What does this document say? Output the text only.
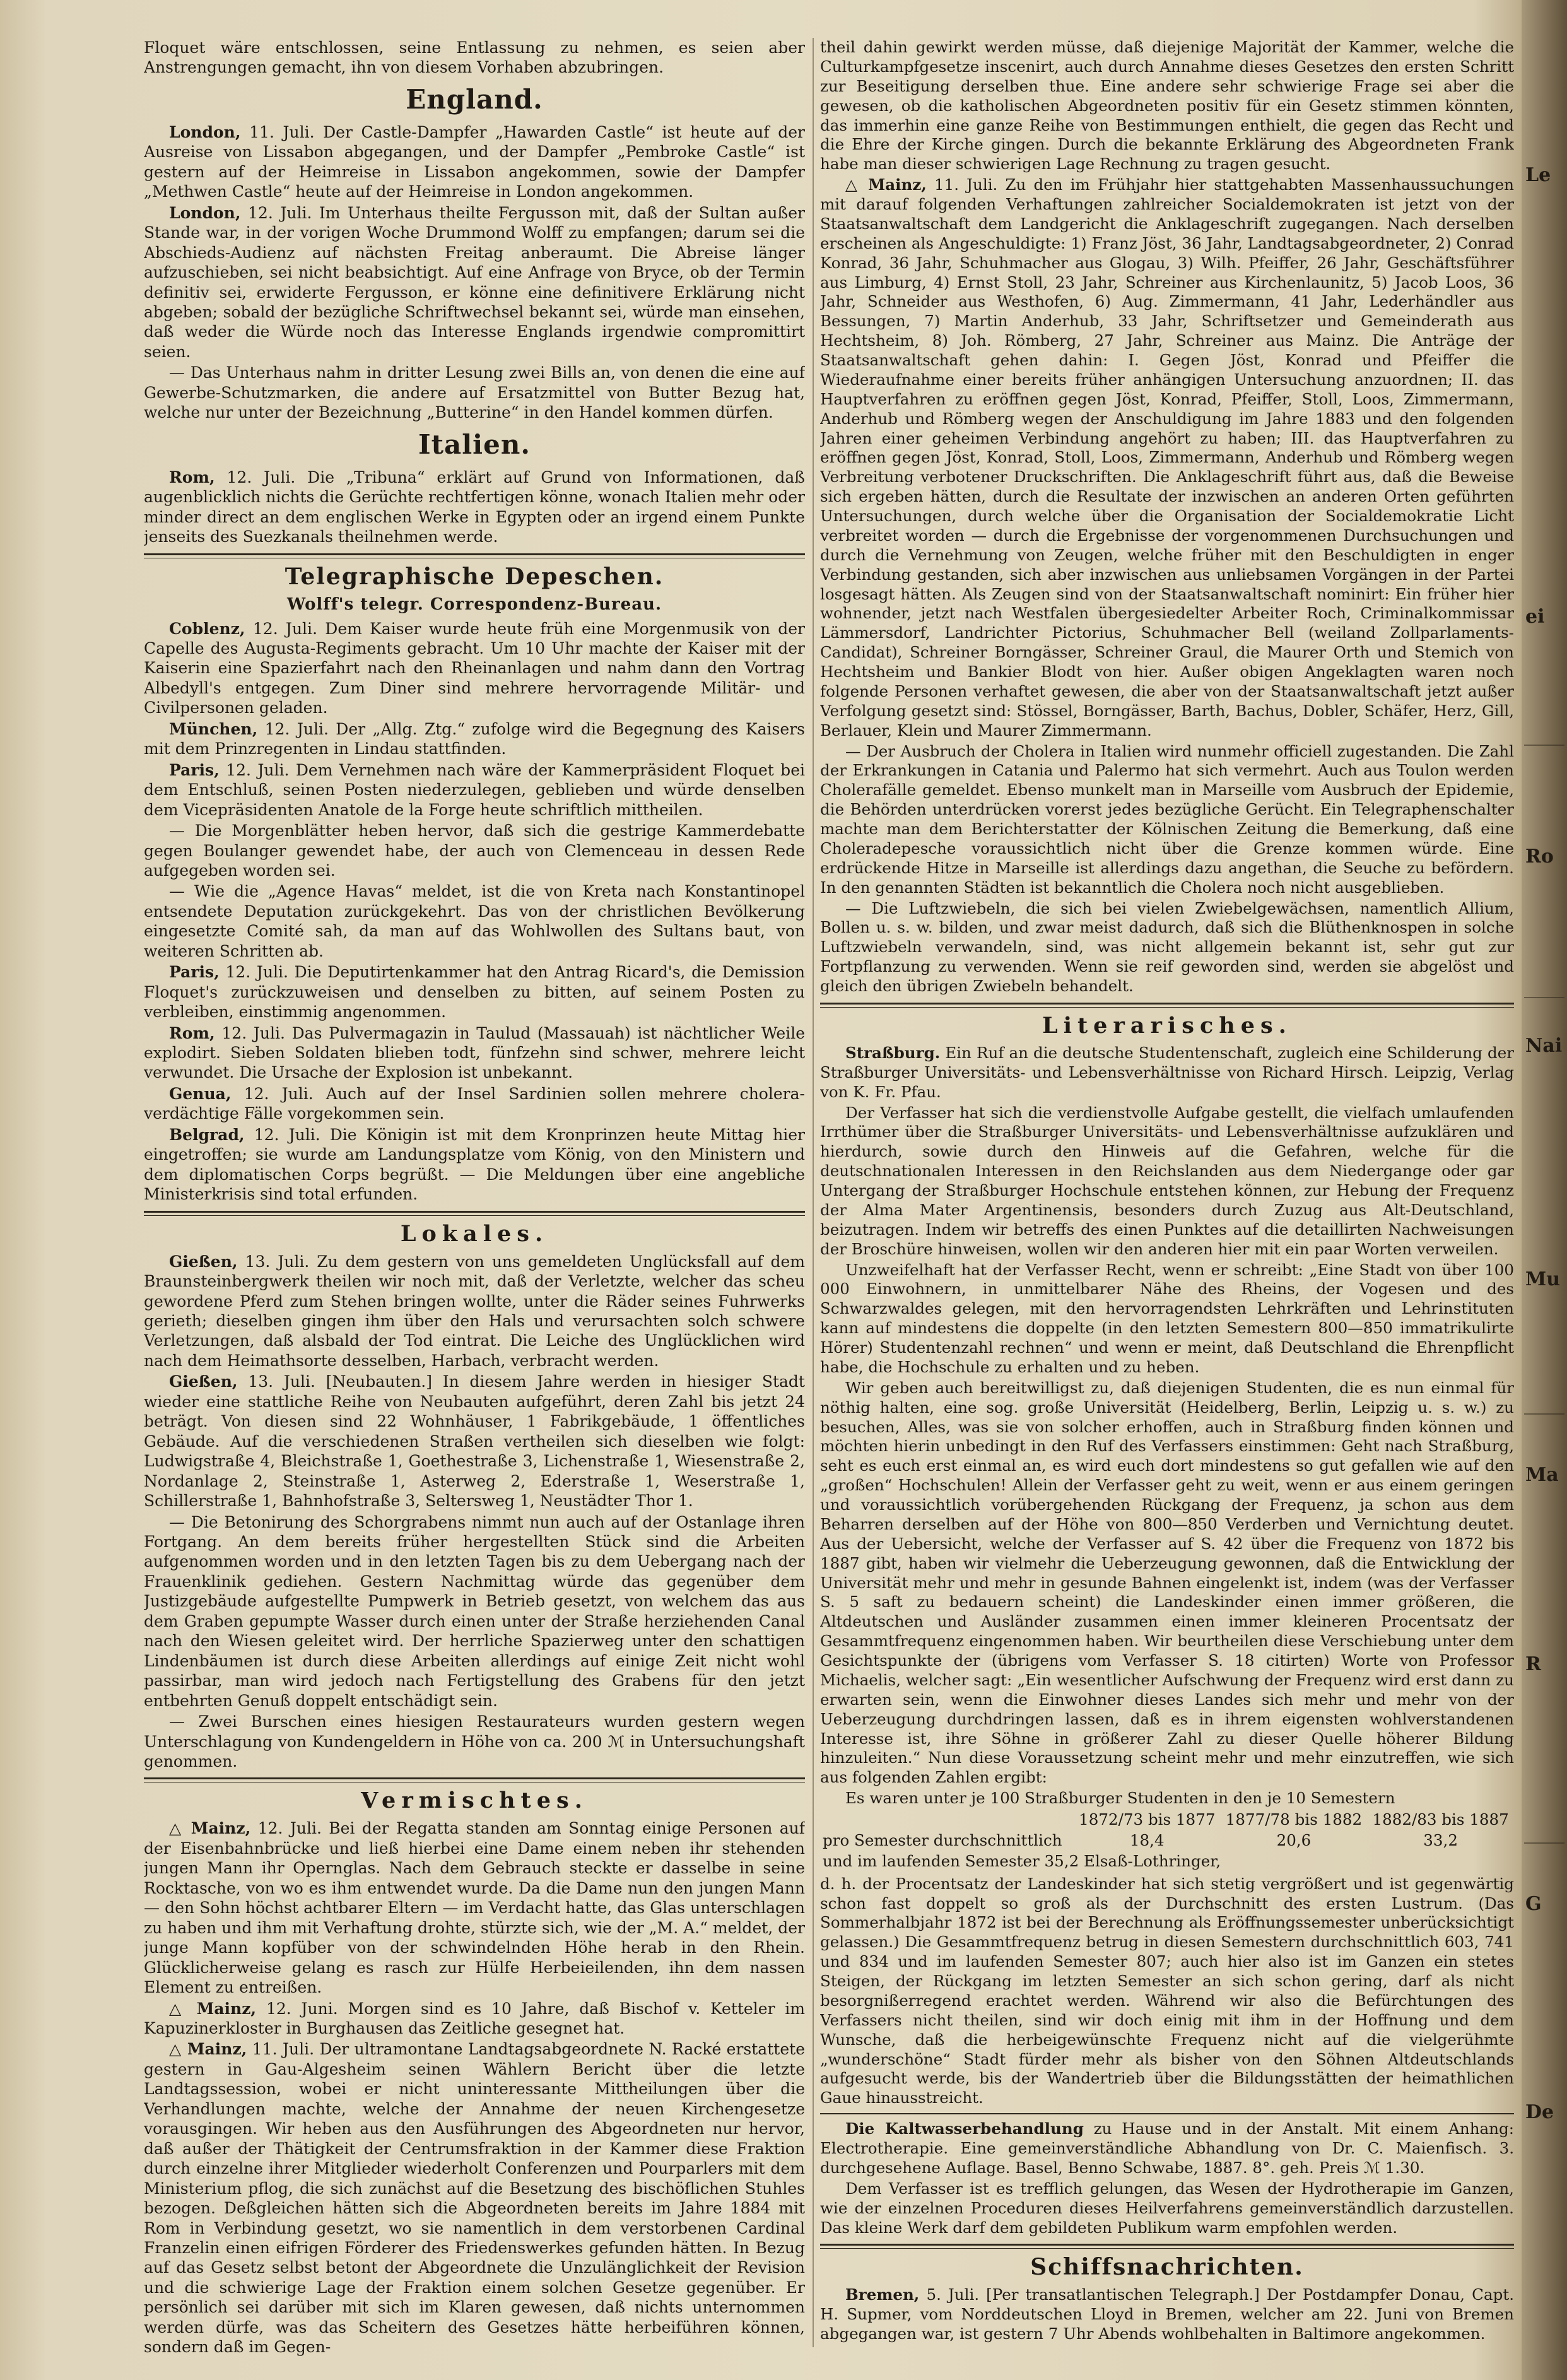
Floquet wäre entschlossen, seine Entlassung zu nehmen, es seien aber Anstrengungen gemacht, ihn von diesem Vorhaben abzubringen.

England.

London, 11. Juli. Der Castle-Dampfer „Hawarden Castle“ ist heute auf der Ausreise von Lissabon abgegangen, und der Dampfer „Pembroke Castle“ ist gestern auf der Heimreise in Lissabon angekommen, sowie der Dampfer „Methwen Castle“ heute auf der Heimreise in London angekommen.

London, 12. Juli. Im Unterhaus theilte Fergusson mit, daß der Sultan außer Stande war, in der vorigen Woche Drummond Wolff zu empfangen; darum sei die Abschieds-Audienz auf nächsten Freitag anberaumt. Die Abreise länger aufzuschieben, sei nicht beabsichtigt. Auf eine Anfrage von Bryce, ob der Termin definitiv sei, erwiderte Fergusson, er könne eine definitivere Erklärung nicht abgeben; sobald der bezügliche Schriftwechsel bekannt sei, würde man einsehen, daß weder die Würde noch das Interesse Englands irgendwie compromittirt seien.

— Das Unterhaus nahm in dritter Lesung zwei Bills an, von denen die eine auf Gewerbe-Schutzmarken, die andere auf Ersatzmittel von Butter Bezug hat, welche nur unter der Bezeichnung „Butterine“ in den Handel kommen dürfen.

Italien.

Rom, 12. Juli. Die „Tribuna“ erklärt auf Grund von Informationen, daß augenblicklich nichts die Gerüchte rechtfertigen könne, wonach Italien mehr oder minder direct an dem englischen Werke in Egypten oder an irgend einem Punkte jenseits des Suezkanals theilnehmen werde.

Telegraphische Depeschen.
Wolff's telegr. Correspondenz-Bureau.

Coblenz, 12. Juli. Dem Kaiser wurde heute früh eine Morgenmusik von der Capelle des Augusta-Regiments gebracht. Um 10 Uhr machte der Kaiser mit der Kaiserin eine Spazierfahrt nach den Rheinanlagen und nahm dann den Vortrag Albedyll's entgegen. Zum Diner sind mehrere hervorragende Militär- und Civilpersonen geladen.

München, 12. Juli. Der „Allg. Ztg.“ zufolge wird die Begegnung des Kaisers mit dem Prinzregenten in Lindau stattfinden.

Paris, 12. Juli. Dem Vernehmen nach wäre der Kammerpräsident Floquet bei dem Entschluß, seinen Posten niederzulegen, geblieben und würde denselben dem Vicepräsidenten Anatole de la Forge heute schriftlich mittheilen.

— Die Morgenblätter heben hervor, daß sich die gestrige Kammerdebatte gegen Boulanger gewendet habe, der auch von Clemenceau in dessen Rede aufgegeben worden sei.

— Wie die „Agence Havas“ meldet, ist die von Kreta nach Konstantinopel entsendete Deputation zurückgekehrt. Das von der christlichen Bevölkerung eingesetzte Comité sah, da man auf das Wohlwollen des Sultans baut, von weiteren Schritten ab.

Paris, 12. Juli. Die Deputirtenkammer hat den Antrag Ricard's, die Demission Floquet's zurückzuweisen und denselben zu bitten, auf seinem Posten zu verbleiben, einstimmig angenommen.

Rom, 12. Juli. Das Pulvermagazin in Taulud (Massauah) ist nächtlicher Weile explodirt. Sieben Soldaten blieben todt, fünfzehn sind schwer, mehrere leicht verwundet. Die Ursache der Explosion ist unbekannt.

Genua, 12. Juli. Auch auf der Insel Sardinien sollen mehrere cholera-verdächtige Fälle vorgekommen sein.

Belgrad, 12. Juli. Die Königin ist mit dem Kronprinzen heute Mittag hier eingetroffen; sie wurde am Landungsplatze vom König, von den Ministern und dem diplomatischen Corps begrüßt. — Die Meldungen über eine angebliche Ministerkrisis sind total erfunden.

Lokales.

Gießen, 13. Juli. Zu dem gestern von uns gemeldeten Unglücksfall auf dem Braunsteinbergwerk theilen wir noch mit, daß der Verletzte, welcher das scheu gewordene Pferd zum Stehen bringen wollte, unter die Räder seines Fuhrwerks gerieth; dieselben gingen ihm über den Hals und verursachten solch schwere Verletzungen, daß alsbald der Tod eintrat. Die Leiche des Unglücklichen wird nach dem Heimathsorte desselben, Harbach, verbracht werden.

Gießen, 13. Juli. [Neubauten.] In diesem Jahre werden in hiesiger Stadt wieder eine stattliche Reihe von Neubauten aufgeführt, deren Zahl bis jetzt 24 beträgt. Von diesen sind 22 Wohnhäuser, 1 Fabrikgebäude, 1 öffentliches Gebäude. Auf die verschiedenen Straßen vertheilen sich dieselben wie folgt: Ludwigstraße 4, Bleichstraße 1, Goethestraße 3, Lichenstraße 1, Wiesenstraße 2, Nordanlage 2, Steinstraße 1, Asterweg 2, Ederstraße 1, Weserstraße 1, Schillerstraße 1, Bahnhofstraße 3, Seltersweg 1, Neustädter Thor 1.

— Die Betonirung des Schorgrabens nimmt nun auch auf der Ostanlage ihren Fortgang. An dem bereits früher hergestellten Stück sind die Arbeiten aufgenommen worden und in den letzten Tagen bis zu dem Uebergang nach der Frauenklinik gediehen. Gestern Nachmittag würde das gegenüber dem Justizgebäude aufgestellte Pumpwerk in Betrieb gesetzt, von welchem das aus dem Graben gepumpte Wasser durch einen unter der Straße herziehenden Canal nach den Wiesen geleitet wird. Der herrliche Spazierweg unter den schattigen Lindenbäumen ist durch diese Arbeiten allerdings auf einige Zeit nicht wohl passirbar, man wird jedoch nach Fertigstellung des Grabens für den jetzt entbehrten Genuß doppelt entschädigt sein.

— Zwei Burschen eines hiesigen Restaurateurs wurden gestern wegen Unterschlagung von Kundengeldern in Höhe von ca. 200 ℳ in Untersuchungshaft genommen.

Vermischtes.

△ Mainz, 12. Juli. Bei der Regatta standen am Sonntag einige Personen auf der Eisenbahnbrücke und ließ hierbei eine Dame einem neben ihr stehenden jungen Mann ihr Opernglas. Nach dem Gebrauch steckte er dasselbe in seine Rocktasche, von wo es ihm entwendet wurde. Da die Dame nun den jungen Mann — den Sohn höchst achtbarer Eltern — im Verdacht hatte, das Glas unterschlagen zu haben und ihm mit Verhaftung drohte, stürzte sich, wie der „M. A.“ meldet, der junge Mann kopfüber von der schwindelnden Höhe herab in den Rhein. Glücklicherweise gelang es rasch zur Hülfe Herbeieilenden, ihn dem nassen Element zu entreißen.

△ Mainz, 12. Juni. Morgen sind es 10 Jahre, daß Bischof v. Ketteler im Kapuzinerkloster in Burghausen das Zeitliche gesegnet hat.

△ Mainz, 11. Juli. Der ultramontane Landtagsabgeordnete N. Racké erstattete gestern in Gau-Algesheim seinen Wählern Bericht über die letzte Landtagssession, wobei er nicht uninteressante Mittheilungen über die Verhandlungen machte, welche der Annahme der neuen Kirchengesetze vorausgingen. Wir heben aus den Ausführungen des Abgeordneten nur hervor, daß außer der Thätigkeit der Centrumsfraktion in der Kammer diese Fraktion durch einzelne ihrer Mitglieder wiederholt Conferenzen und Pourparlers mit dem Ministerium pflog, die sich zunächst auf die Besetzung des bischöflichen Stuhles bezogen. Deßgleichen hätten sich die Abgeordneten bereits im Jahre 1884 mit Rom in Verbindung gesetzt, wo sie namentlich in dem verstorbenen Cardinal Franzelin einen eifrigen Förderer des Friedenswerkes gefunden hätten. In Bezug auf das Gesetz selbst betont der Abgeordnete die Unzulänglichkeit der Revision und die schwierige Lage der Fraktion einem solchen Gesetze gegenüber. Er persönlich sei darüber mit sich im Klaren gewesen, daß nichts unternommen werden dürfe, was das Scheitern des Gesetzes hätte herbeiführen können, sondern daß im Gegen-

theil dahin gewirkt werden müsse, daß diejenige Majorität der Kammer, welche die Culturkampfgesetze inscenirt, auch durch Annahme dieses Gesetzes den ersten Schritt zur Beseitigung derselben thue. Eine andere sehr schwierige Frage sei aber die gewesen, ob die katholischen Abgeordneten positiv für ein Gesetz stimmen könnten, das immerhin eine ganze Reihe von Bestimmungen enthielt, die gegen das Recht und die Ehre der Kirche gingen. Durch die bekannte Erklärung des Abgeordneten Frank habe man dieser schwierigen Lage Rechnung zu tragen gesucht.

△ Mainz, 11. Juli. Zu den im Frühjahr hier stattgehabten Massenhaussuchungen mit darauf folgenden Verhaftungen zahlreicher Socialdemokraten ist jetzt von der Staatsanwaltschaft dem Landgericht die Anklageschrift zugegangen. Nach derselben erscheinen als Angeschuldigte: 1) Franz Jöst, 36 Jahr, Landtagsabgeordneter, 2) Conrad Konrad, 36 Jahr, Schuhmacher aus Glogau, 3) Wilh. Pfeiffer, 26 Jahr, Geschäftsführer aus Limburg, 4) Ernst Stoll, 23 Jahr, Schreiner aus Kirchenlaunitz, 5) Jacob Loos, 36 Jahr, Schneider aus Westhofen, 6) Aug. Zimmermann, 41 Jahr, Lederhändler aus Bessungen, 7) Martin Anderhub, 33 Jahr, Schriftsetzer und Gemeinderath aus Hechtsheim, 8) Joh. Römberg, 27 Jahr, Schreiner aus Mainz. Die Anträge der Staatsanwaltschaft gehen dahin: I. Gegen Jöst, Konrad und Pfeiffer die Wiederaufnahme einer bereits früher anhängigen Untersuchung anzuordnen; II. das Hauptverfahren zu eröffnen gegen Jöst, Konrad, Pfeiffer, Stoll, Loos, Zimmermann, Anderhub und Römberg wegen der Anschuldigung im Jahre 1883 und den folgenden Jahren einer geheimen Verbindung angehört zu haben; III. das Hauptverfahren zu eröffnen gegen Jöst, Konrad, Stoll, Loos, Zimmermann, Anderhub und Römberg wegen Verbreitung verbotener Druckschriften. Die Anklageschrift führt aus, daß die Beweise sich ergeben hätten, durch die Resultate der inzwischen an anderen Orten geführten Untersuchungen, durch welche über die Organisation der Socialdemokratie Licht verbreitet worden — durch die Ergebnisse der vorgenommenen Durchsuchungen und durch die Vernehmung von Zeugen, welche früher mit den Beschuldigten in enger Verbindung gestanden, sich aber inzwischen aus unliebsamen Vorgängen in der Partei losgesagt hätten. Als Zeugen sind von der Staatsanwaltschaft nominirt: Ein früher hier wohnender, jetzt nach Westfalen übergesiedelter Arbeiter Roch, Criminalkommissar Lämmersdorf, Landrichter Pictorius, Schuhmacher Bell (weiland Zollparlaments-Candidat), Schreiner Borngässer, Schreiner Graul, die Maurer Orth und Stemich von Hechtsheim und Bankier Blodt von hier. Außer obigen Angeklagten waren noch folgende Personen verhaftet gewesen, die aber von der Staatsanwaltschaft jetzt außer Verfolgung gesetzt sind: Stössel, Borngässer, Barth, Bachus, Dobler, Schäfer, Herz, Gill, Berlauer, Klein und Maurer Zimmermann.

— Der Ausbruch der Cholera in Italien wird nunmehr officiell zugestanden. Die Zahl der Erkrankungen in Catania und Palermo hat sich vermehrt. Auch aus Toulon werden Cholerafälle gemeldet. Ebenso munkelt man in Marseille vom Ausbruch der Epidemie, die Behörden unterdrücken vorerst jedes bezügliche Gerücht. Ein Telegraphenschalter machte man dem Berichterstatter der Kölnischen Zeitung die Bemerkung, daß eine Choleradepesche voraussichtlich nicht über die Grenze kommen würde. Eine erdrückende Hitze in Marseille ist allerdings dazu angethan, die Seuche zu befördern. In den genannten Städten ist bekanntlich die Cholera noch nicht ausgeblieben.

— Die Luftzwiebeln, die sich bei vielen Zwiebelgewächsen, namentlich Allium, Bollen u. s. w. bilden, und zwar meist dadurch, daß sich die Blüthenknospen in solche Luftzwiebeln verwandeln, sind, was nicht allgemein bekannt ist, sehr gut zur Fortpflanzung zu verwenden. Wenn sie reif geworden sind, werden sie abgelöst und gleich den übrigen Zwiebeln behandelt.

Literarisches.

Straßburg. Ein Ruf an die deutsche Studentenschaft, zugleich eine Schilderung der Straßburger Universitäts- und Lebensverhältnisse von Richard Hirsch. Leipzig, Verlag von K. Fr. Pfau.

Der Verfasser hat sich die verdienstvolle Aufgabe gestellt, die vielfach umlaufenden Irrthümer über die Straßburger Universitäts- und Lebensverhältnisse aufzuklären und hierdurch, sowie durch den Hinweis auf die Gefahren, welche für die deutschnationalen Interessen in den Reichslanden aus dem Niedergange oder gar Untergang der Straßburger Hochschule entstehen können, zur Hebung der Frequenz der Alma Mater Argentinensis, besonders durch Zuzug aus Alt-Deutschland, beizutragen. Indem wir betreffs des einen Punktes auf die detaillirten Nachweisungen der Broschüre hinweisen, wollen wir den anderen hier mit ein paar Worten verweilen.

Unzweifelhaft hat der Verfasser Recht, wenn er schreibt: „Eine Stadt von über 100 000 Einwohnern, in unmittelbarer Nähe des Rheins, der Vogesen und des Schwarzwaldes gelegen, mit den hervorragendsten Lehrkräften und Lehrinstituten kann auf mindestens die doppelte (in den letzten Semestern 800—850 immatrikulirte Hörer) Studentenzahl rechnen“ und wenn er meint, daß Deutschland die Ehrenpflicht habe, die Hochschule zu erhalten und zu heben.

Wir geben auch bereitwilligst zu, daß diejenigen Studenten, die es nun einmal für nöthig halten, eine sog. große Universität (Heidelberg, Berlin, Leipzig u. s. w.) zu besuchen, Alles, was sie von solcher erhoffen, auch in Straßburg finden können und möchten hierin unbedingt in den Ruf des Verfassers einstimmen: Geht nach Straßburg, seht es euch erst einmal an, es wird euch dort mindestens so gut gefallen wie auf den „großen“ Hochschulen! Allein der Verfasser geht zu weit, wenn er aus einem geringen und voraussichtlich vorübergehenden Rückgang der Frequenz, ja schon aus dem Beharren derselben auf der Höhe von 800—850 Verderben und Vernichtung deutet. Aus der Uebersicht, welche der Verfasser auf S. 42 über die Frequenz von 1872 bis 1887 gibt, haben wir vielmehr die Ueberzeugung gewonnen, daß die Entwicklung der Universität mehr und mehr in gesunde Bahnen eingelenkt ist, indem (was der Verfasser S. 5 saft zu bedauern scheint) die Landeskinder einen immer größeren, die Altdeutschen und Ausländer zusammen einen immer kleineren Procentsatz der Gesammtfrequenz eingenommen haben. Wir beurtheilen diese Verschiebung unter dem Gesichtspunkte der (übrigens vom Verfasser S. 18 citirten) Worte von Professor Michaelis, welcher sagt: „Ein wesentlicher Aufschwung der Frequenz wird erst dann zu erwarten sein, wenn die Einwohner dieses Landes sich mehr und mehr von der Ueberzeugung durchdringen lassen, daß es in ihrem eigensten wohlverstandenen Interesse ist, ihre Söhne in größerer Zahl zu dieser Quelle höherer Bildung hinzuleiten.“ Nun diese Voraussetzung scheint mehr und mehr einzutreffen, wie sich aus folgenden Zahlen ergibt:

Es waren unter je 100 Straßburger Studenten in den je 10 Semestern

	1872/73 bis 1877	1877/78 bis 1882	1882/83 bis 1887
pro Semester durchschnittlich	18,4	20,6	33,2
und im laufenden Semester 35,2 Elsaß-Lothringer,			

d. h. der Procentsatz der Landeskinder hat sich stetig vergrößert und ist gegenwärtig schon fast doppelt so groß als der Durchschnitt des ersten Lustrum. (Das Sommerhalbjahr 1872 ist bei der Berechnung als Eröffnungssemester unberücksichtigt gelassen.) Die Gesammtfrequenz betrug in diesen Semestern durchschnittlich 603, 741 und 834 und im laufenden Semester 807; auch hier also ist im Ganzen ein stetes Steigen, der Rückgang im letzten Semester an sich schon gering, darf als nicht besorgnißerregend erachtet werden. Während wir also die Befürchtungen des Verfassers nicht theilen, sind wir doch einig mit ihm in der Hoffnung und dem Wunsche, daß die herbeigewünschte Frequenz nicht auf die vielgerühmte „wunderschöne“ Stadt fürder mehr als bisher von den Söhnen Altdeutschlands aufgesucht werde, bis der Wandertrieb über die Bildungsstätten der heimathlichen Gaue hinausstreicht.

Die Kaltwasserbehandlung zu Hause und in der Anstalt. Mit einem Anhang: Electrotherapie. Eine gemeinverständliche Abhandlung von Dr. C. Maienfisch. 3. durchgesehene Auflage. Basel, Benno Schwabe, 1887. 8°. geh. Preis ℳ 1.30.

Dem Verfasser ist es trefflich gelungen, das Wesen der Hydrotherapie im Ganzen, wie der einzelnen Proceduren dieses Heilverfahrens gemeinverständlich darzustellen. Das kleine Werk darf dem gebildeten Publikum warm empfohlen werden.

Schiffsnachrichten.

Bremen, 5. Juli. [Per transatlantischen Telegraph.] Der Postdampfer Donau, Capt. H. Supmer, vom Norddeutschen Lloyd in Bremen, welcher am 22. Juni von Bremen abgegangen war, ist gestern 7 Uhr Abends wohlbehalten in Baltimore angekommen.

Le
ei
Ro
Nai
Mu
Ma
R
G
De
